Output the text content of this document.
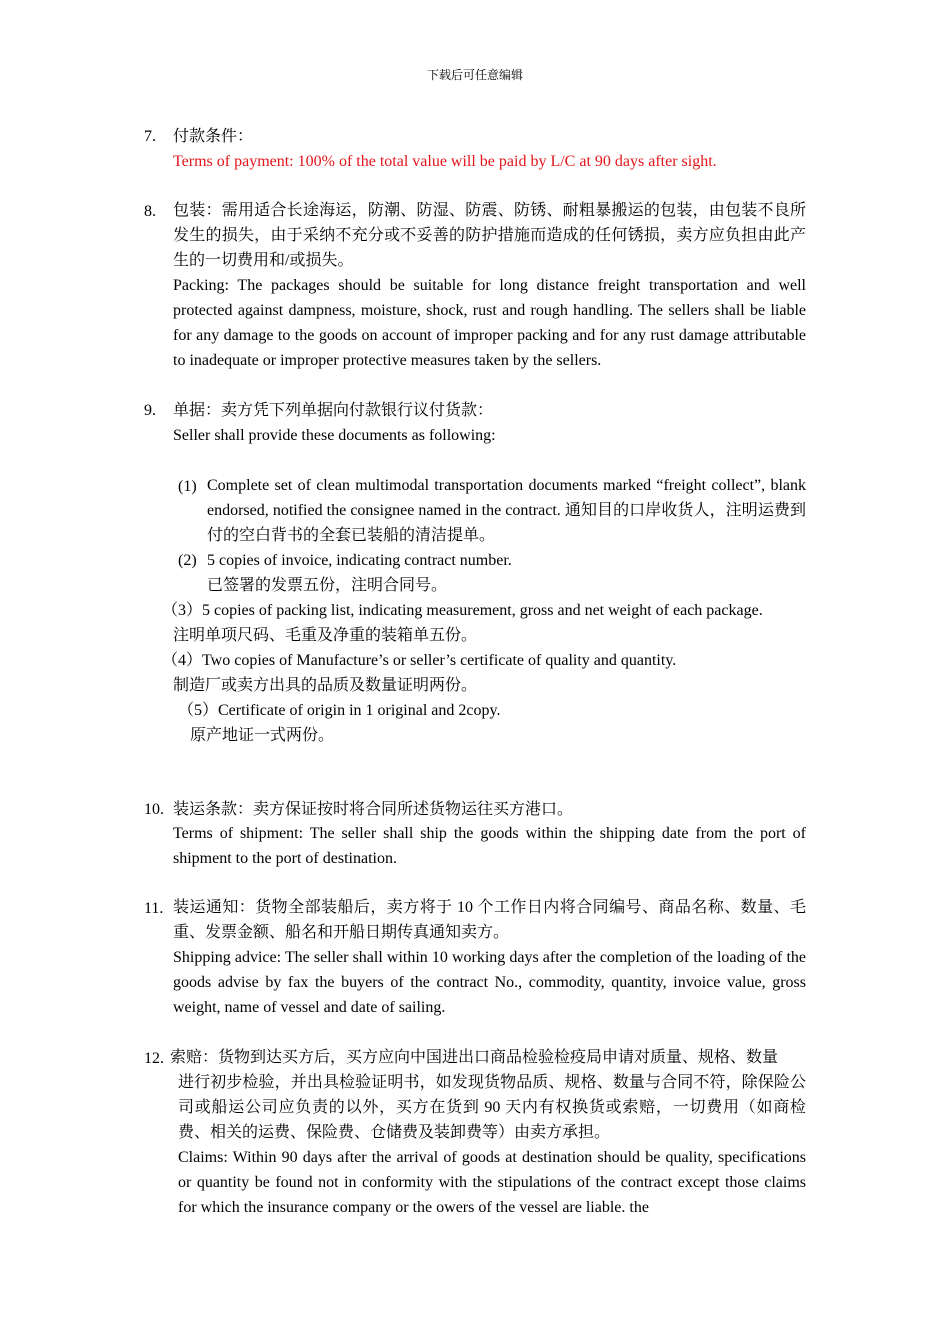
下载后可任意编辑
7. 付款条件：
Terms of payment: 100% of the total value will be paid by L/C at 90 days after sight.
8. 包装：需用适合长途海运，防潮、防湿、防震、防锈、耐粗暴搬运的包装，由包装不良所发生的损失，由于采纳不充分或不妥善的防护措施而造成的任何锈损，卖方应负担由此产生的一切费用和/或损失。
Packing: The packages should be suitable for long distance freight transportation and well protected against dampness, moisture, shock, rust and rough handling. The sellers shall be liable for any damage to the goods on account of improper packing and for any rust damage attributable to inadequate or improper protective measures taken by the sellers.
9. 单据：卖方凭下列单据向付款银行议付货款：
Seller shall provide these documents as following:
(1) Complete set of clean multimodal transportation documents marked “freight collect”, blank endorsed, notified the consignee named in the contract. 通知目的口岸收货人，注明运费到付的空白背书的全套已装船的清洁提单。
(2) 5 copies of invoice, indicating contract number.
已签署的发票五份，注明合同号。
（3）5 copies of packing list, indicating measurement, gross and net weight of each package.
注明单项尺码、毛重及净重的装箱单五份。
（4）Two copies of Manufacture’s or seller’s certificate of quality and quantity.
制造厂或卖方出具的品质及数量证明两份。
（5）Certificate of origin in 1 original and 2copy.
原产地证一式两份。
10. 装运条款：卖方保证按时将合同所述货物运往买方港口。
Terms of shipment: The seller shall ship the goods within the shipping date from the port of shipment to the port of destination.
11. 装运通知：货物全部装船后，卖方将于 10 个工作日内将合同编号、商品名称、数量、毛重、发票金额、船名和开船日期传真通知卖方。
Shipping advice: The seller shall within 10 working days after the completion of the loading of the goods advise by fax the buyers of the contract No., commodity, quantity, invoice value, gross weight, name of vessel and date of sailing.
12. 索赔：货物到达买方后，买方应向中国进出口商品检验检疫局申请对质量、规格、数量
进行初步检验，并出具检验证明书，如发现货物品质、规格、数量与合同不符，除保险公司或船运公司应负责的以外，买方在货到 90 天内有权换货或索赔，一切费用（如商检费、相关的运费、保险费、仓储费及装卸费等）由卖方承担。
Claims: Within 90 days after the arrival of goods at destination should be quality, specifications or quantity be found not in conformity with the stipulations of the contract except those claims for which the insurance company or the owers of the vessel are liable. the
